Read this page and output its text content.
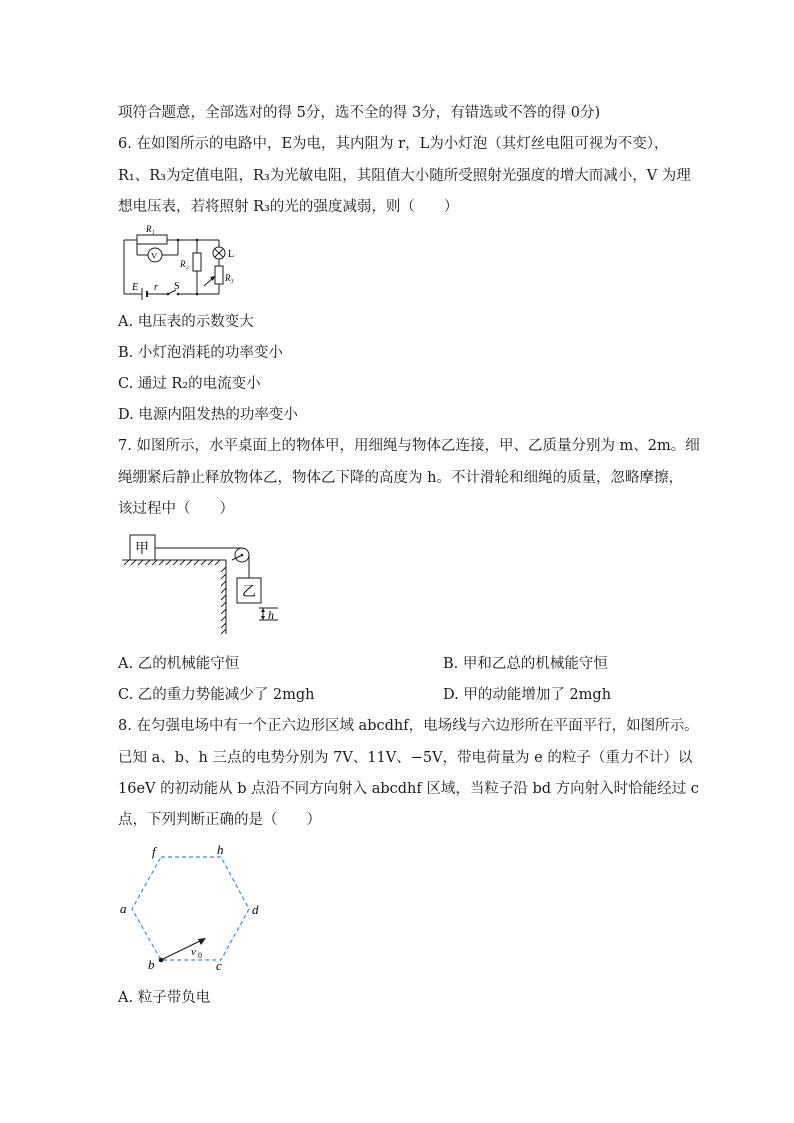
项符合题意，全部选对的得 5分，选不全的得 3分，有错选或不答的得 0分)
6. 在如图所示的电路中，E为电，其内阻为 r，L为小灯泡（其灯丝电阻可视为不变），
R₁、R₃为定值电阻，R₃为光敏电阻，其阻值大小随所受照射光强度的增大而减小，V 为理
想电压表，若将照射 R₃的光的强度减弱，则（　　）
R₁
V
R₂
L
R₃
E r S
A. 电压表的示数变大
B. 小灯泡消耗的功率变小
C. 通过 R₂的电流变小
D. 电源内阻发热的功率变小
7. 如图所示，水平桌面上的物体甲，用细绳与物体乙连接，甲、乙质量分别为 m、2m。细
绳绷紧后静止释放物体乙，物体乙下降的高度为 h。不计滑轮和细绳的质量，忽略摩擦，
该过程中（　　）
甲
乙
h
A. 乙的机械能守恒	B. 甲和乙总的机械能守恒
C. 乙的重力势能减少了 2mgh	D. 甲的动能增加了 2mgh
8. 在匀强电场中有一个正六边形区域 abcdhf，电场线与六边形所在平面平行，如图所示。
已知 a、b、h 三点的电势分别为 7V、11V、−5V，带电荷量为 e 的粒子（重力不计）以
16eV 的初动能从 b 点沿不同方向射入 abcdhf 区域，当粒子沿 bd 方向射入时恰能经过 c
点，下列判断正确的是（　　）
f	h
a	d
b	c
v 0
A. 粒子带负电
